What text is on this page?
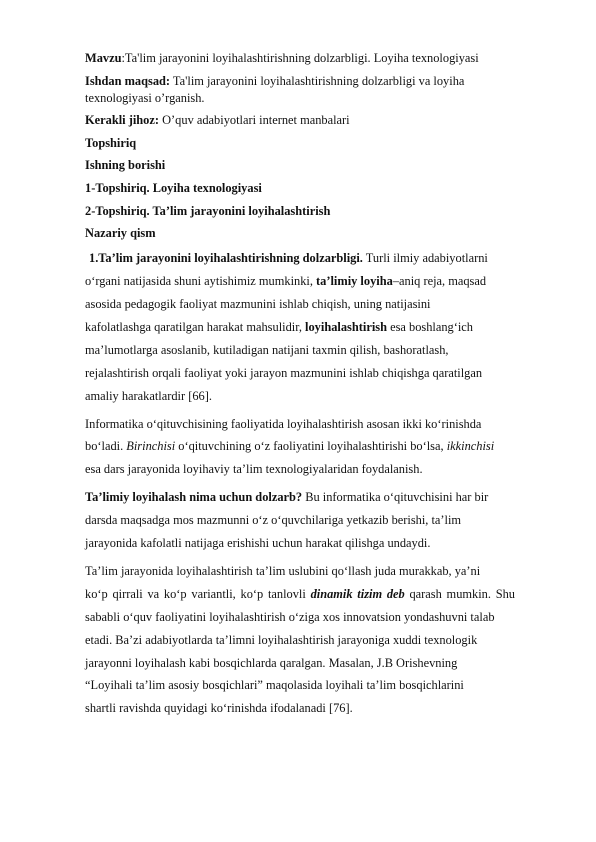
Mavzu:Ta'lim jarayonini loyihalashtirishning dolzarbligi. Loyiha texnologiyasi

Ishdan maqsad: Ta'lim jarayonini loyihalashtirishning dolzarbligi va loyiha

texnologiyasi o’rganish.

Kerakli jihoz: O’quv adabiyotlari internet manbalari

Topshiriq

Ishning borishi

1-Topshiriq. Loyiha texnologiyasi

2-Topshiriq. Ta’lim jarayonini loyihalashtirish

Nazariy qism

1.Ta’lim jarayonini loyihalashtirishning dolzarbligi. Turli ilmiy adabiyotlarni

o‘rgani natijasida shuni aytishimiz mumkinki, ta’limiy loyiha–aniq reja, maqsad

asosida pedagogik faoliyat mazmunini ishlab chiqish, uning natijasini

kafolatlashga qaratilgan harakat mahsulidir, loyihalashtirish esa boshlang‘ich

ma’lumotlarga asoslanib, kutiladigan natijani taxmin qilish, bashoratlash,

rejalashtirish orqali faoliyat yoki jarayon mazmunini ishlab chiqishga qaratilgan

amaliy harakatlardir [66].

Informatika o‘qituvchisining faoliyatida loyihalashtirish asosan ikki ko‘rinishda

bo‘ladi. Birinchisi o‘qituvchining o‘z faoliyatini loyihalashtirishi bo‘lsa, ikkinchisi

esa dars jarayonida loyihaviy ta’lim texnologiyalaridan foydalanish.

Ta’limiy loyihalash nima uchun dolzarb? Bu informatika o‘qituvchisini har bir

darsda maqsadga mos mazmunni o‘z o‘quvchilariga yetkazib berishi, ta’lim

jarayonida kafolatli natijaga erishishi uchun harakat qilishga undaydi.

Ta’lim jarayonida loyihalashtirish ta’lim uslubini qo‘llash juda murakkab, ya’ni

ko‘p qirrali va ko‘p variantli, ko‘p tanlovli dinamik tizim deb qarash mumkin. Shu

sababli o‘quv faoliyatini loyihalashtirish o‘ziga xos innovatsion yondashuvni talab

etadi. Ba’zi adabiyotlarda ta’limni loyihalashtirish jarayoniga xuddi texnologik

jarayonni loyihalash kabi bosqichlarda qaralgan. Masalan, J.B Orishevning

“Loyihali ta’lim asosiy bosqichlari” maqolasida loyihali ta’lim bosqichlarini

shartli ravishda quyidagi ko‘rinishda ifodalanadi [76].
